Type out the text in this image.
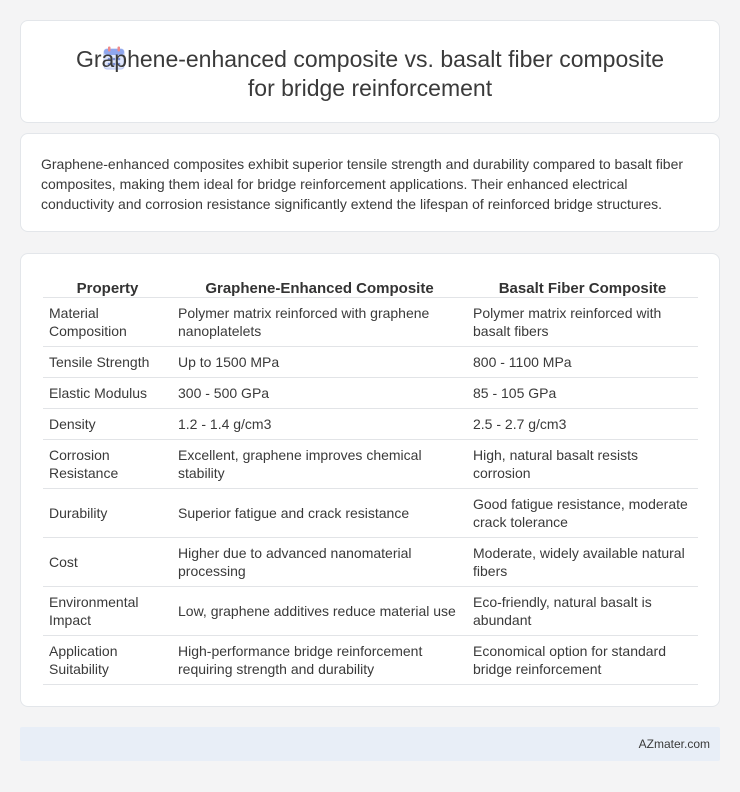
Graphene-enhanced composite vs. basalt fiber composite for bridge reinforcement

Graphene-enhanced composites exhibit superior tensile strength and durability compared to basalt fiber composites, making them ideal for bridge reinforcement applications. Their enhanced electrical conductivity and corrosion resistance significantly extend the lifespan of reinforced bridge structures.

Property	Graphene-Enhanced Composite	Basalt Fiber Composite
Material Composition	Polymer matrix reinforced with graphene nanoplatelets	Polymer matrix reinforced with basalt fibers
Tensile Strength	Up to 1500 MPa	800 - 1100 MPa
Elastic Modulus	300 - 500 GPa	85 - 105 GPa
Density	1.2 - 1.4 g/cm3	2.5 - 2.7 g/cm3
Corrosion Resistance	Excellent, graphene improves chemical stability	High, natural basalt resists corrosion
Durability	Superior fatigue and crack resistance	Good fatigue resistance, moderate crack tolerance
Cost	Higher due to advanced nanomaterial processing	Moderate, widely available natural fibers
Environmental Impact	Low, graphene additives reduce material use	Eco-friendly, natural basalt is abundant
Application Suitability	High-performance bridge reinforcement requiring strength and durability	Economical option for standard bridge reinforcement
AZmater.com
